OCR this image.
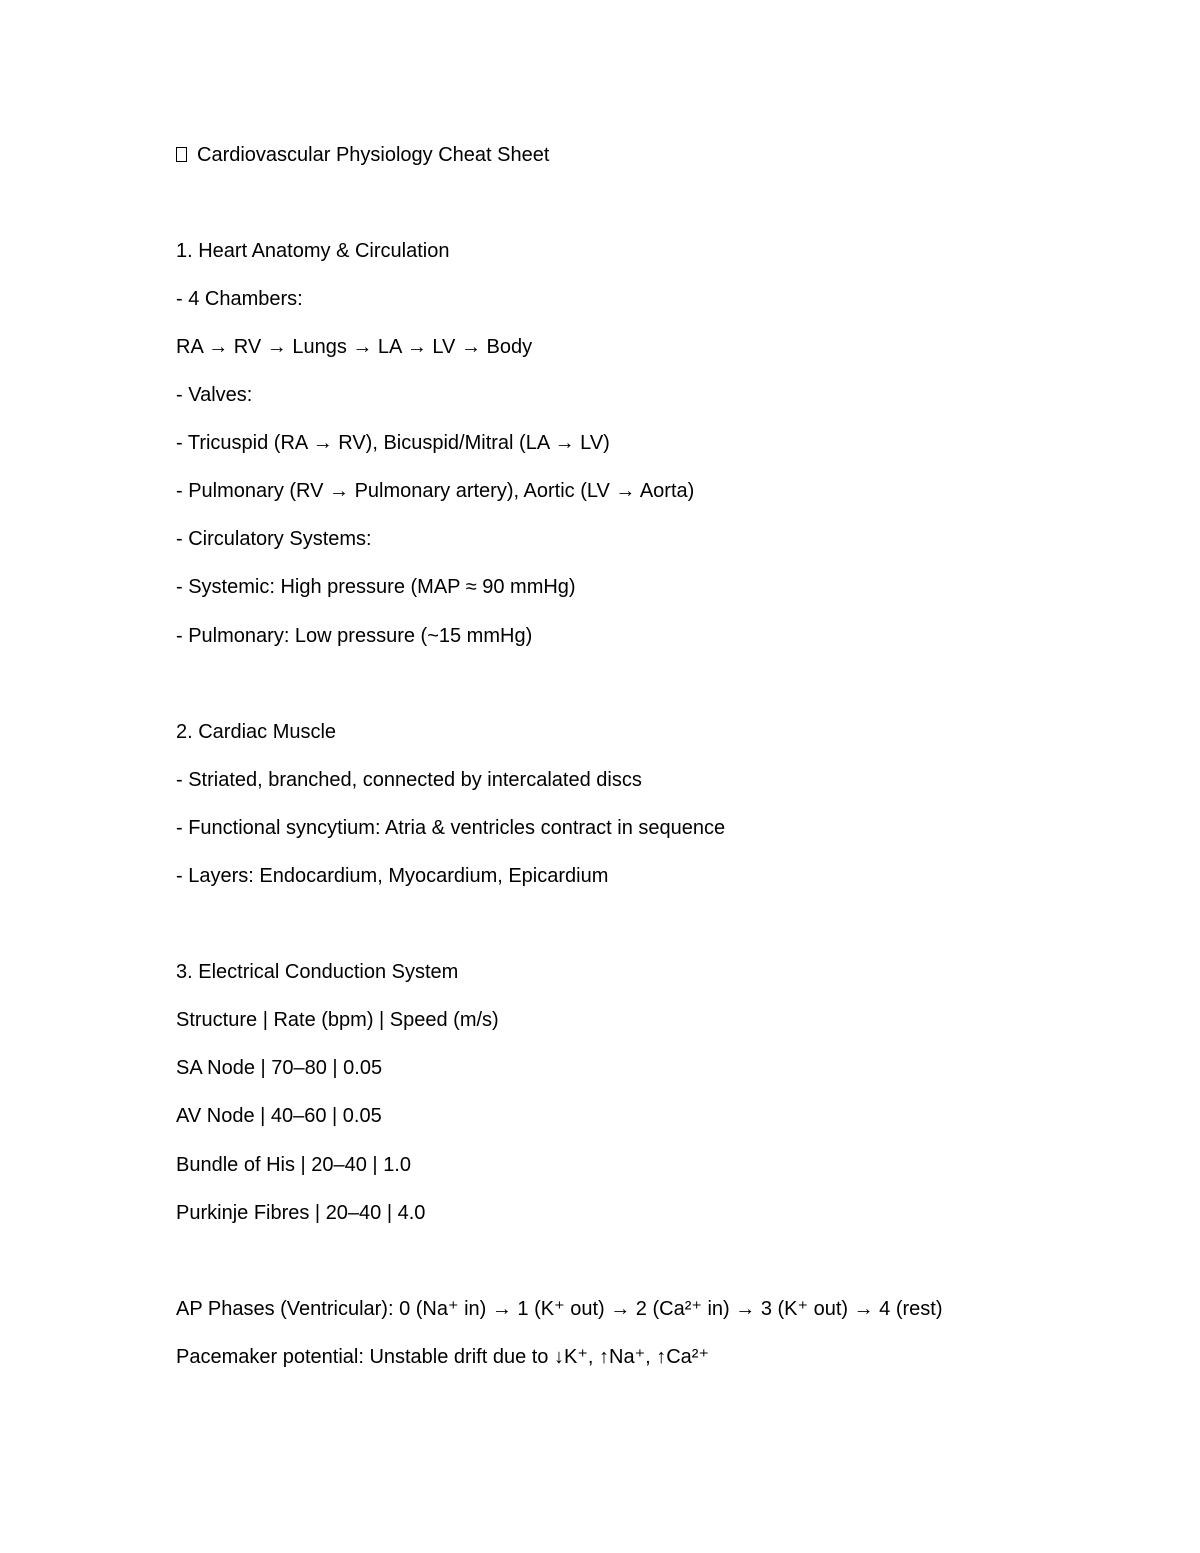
Cardiovascular Physiology Cheat Sheet
1. Heart Anatomy & Circulation

- 4 Chambers:

RA → RV → Lungs → LA → LV → Body

- Valves:

- Tricuspid (RA → RV), Bicuspid/Mitral (LA → LV)

- Pulmonary (RV → Pulmonary artery), Aortic (LV → Aorta)

- Circulatory Systems:

- Systemic: High pressure (MAP ≈ 90 mmHg)

- Pulmonary: Low pressure (~15 mmHg)

2. Cardiac Muscle

- Striated, branched, connected by intercalated discs

- Functional syncytium: Atria & ventricles contract in sequence

- Layers: Endocardium, Myocardium, Epicardium

3. Electrical Conduction System

Structure | Rate (bpm) | Speed (m/s)

SA Node | 70–80 | 0.05

AV Node | 40–60 | 0.05

Bundle of His | 20–40 | 1.0

Purkinje Fibres | 20–40 | 4.0

AP Phases (Ventricular): 0 (Na⁺ in) → 1 (K⁺ out) → 2 (Ca²⁺ in) → 3 (K⁺ out) → 4 (rest)

Pacemaker potential: Unstable drift due to ↓K⁺, ↑Na⁺, ↑Ca²⁺
